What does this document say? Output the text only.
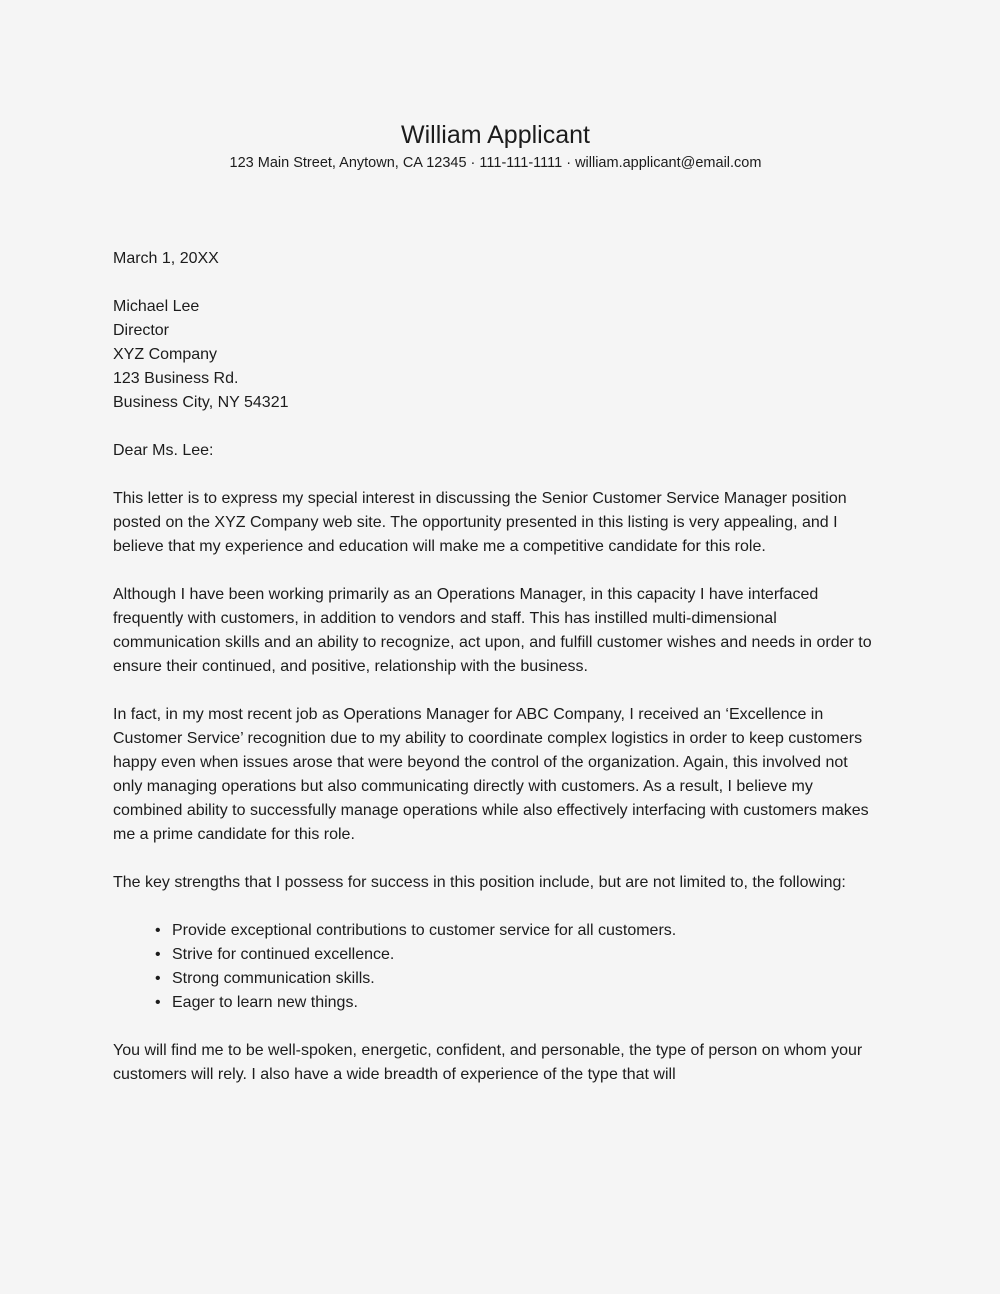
William Applicant
123 Main Street, Anytown, CA 12345 · 111-111-1111 · william.applicant@email.com
March 1, 20XX
Michael Lee
Director
XYZ Company
123 Business Rd.
Business City, NY 54321
Dear Ms. Lee:

This letter is to express my special interest in discussing the Senior Customer Service Manager position posted on the XYZ Company web site. The opportunity presented in this listing is very appealing, and I believe that my experience and education will make me a competitive candidate for this role.

Although I have been working primarily as an Operations Manager, in this capacity I have interfaced frequently with customers, in addition to vendors and staff. This has instilled multi-dimensional communication skills and an ability to recognize, act upon, and fulfill customer wishes and needs in order to ensure their continued, and positive, relationship with the business.

In fact, in my most recent job as Operations Manager for ABC Company, I received an ‘Excellence in Customer Service’ recognition due to my ability to coordinate complex logistics in order to keep customers happy even when issues arose that were beyond the control of the organization. Again, this involved not only managing operations but also communicating directly with customers. As a result, I believe my combined ability to successfully manage operations while also effectively interfacing with customers makes me a prime candidate for this role.

The key strengths that I possess for success in this position include, but are not limited to, the following:

• Provide exceptional contributions to customer service for all customers.
• Strive for continued excellence.
• Strong communication skills.
• Eager to learn new things.

You will find me to be well-spoken, energetic, confident, and personable, the type of person on whom your customers will rely. I also have a wide breadth of experience of the type that will
